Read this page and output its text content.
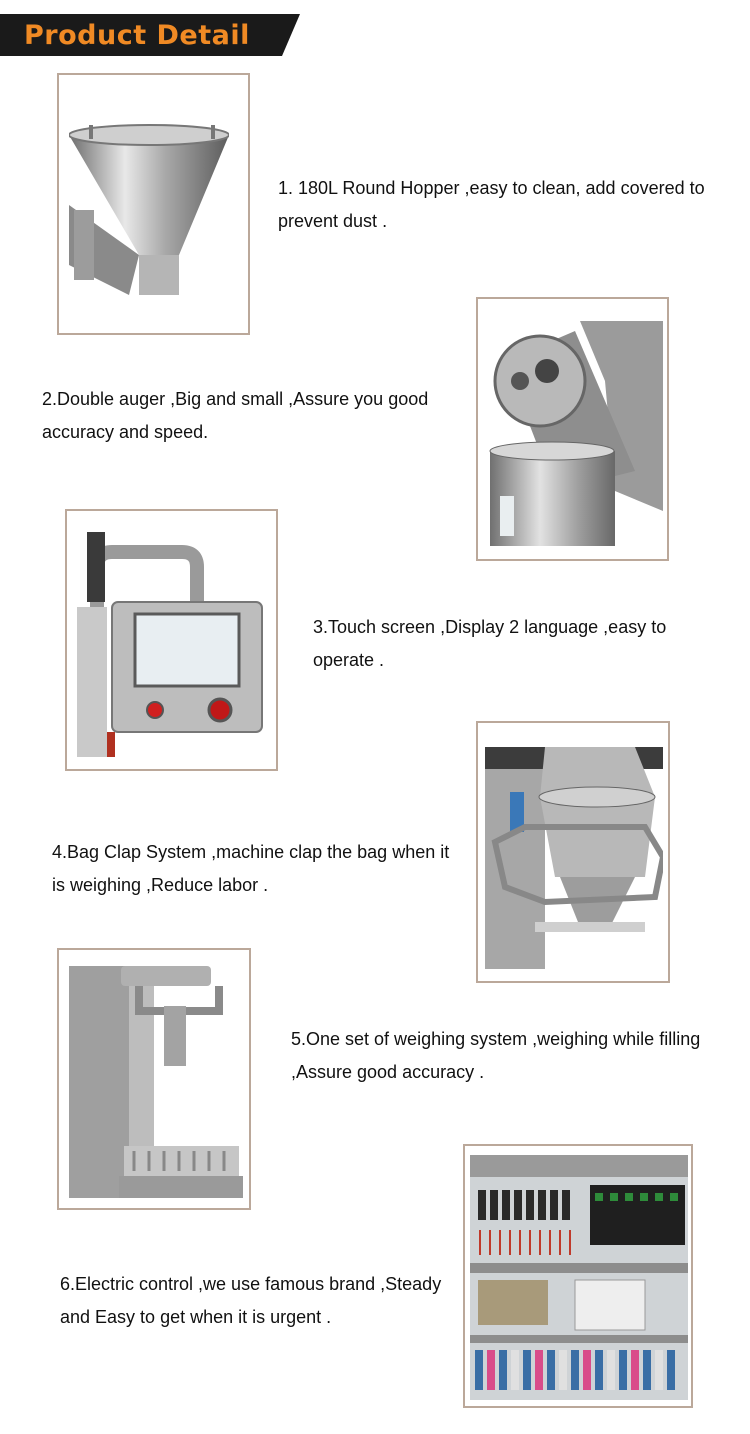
Product Detail
1. 180L Round Hopper ,easy to clean, add covered to prevent dust .
2.Double auger ,Big and small ,Assure you good accuracy and speed.
3.Touch screen ,Display 2 language ,easy to operate .
4.Bag Clap System ,machine clap the bag when it is weighing ,Reduce labor .
5.One set of weighing system ,weighing while filling ,Assure good accuracy .
6.Electric control ,we use famous brand ,Steady and Easy to get when it is urgent .
